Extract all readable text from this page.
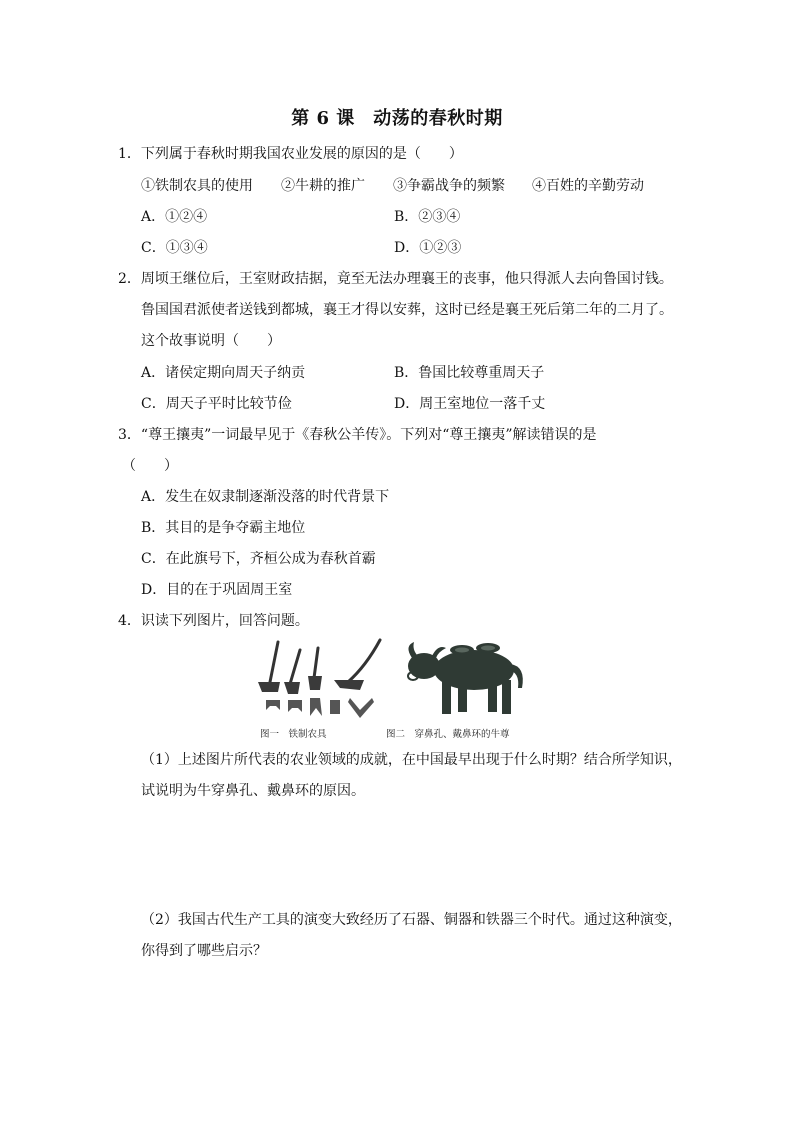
第 6 课　动荡的春秋时期
1．下列属于春秋时期我国农业发展的原因的是（　　）
①铁制农具的使用 ②牛耕的推广 ③争霸战争的频繁 ④百姓的辛勤劳动
A．①②④	B．②③④
C．①③④	D．①②③
2．周顷王继位后，王室财政拮据，竟至无法办理襄王的丧事，他只得派人去向鲁国讨钱。
鲁国国君派使者送钱到都城，襄王才得以安葬，这时已经是襄王死后第二年的二月了。
这个故事说明（　　）
A．诸侯定期向周天子纳贡	B．鲁国比较尊重周天子
C．周天子平时比较节俭	D．周王室地位一落千丈
3．“尊王攘夷”一词最早见于《春秋公羊传》。下列对“尊王攘夷”解读错误的是
（　　）
A．发生在奴隶制逐渐没落的时代背景下
B．其目的是争夺霸主地位
C．在此旗号下，齐桓公成为春秋首霸
D．目的在于巩固周王室
4．识读下列图片，回答问题。
图一　铁制农具	图二　穿鼻孔、戴鼻环的牛尊
（1）上述图片所代表的农业领域的成就，在中国最早出现于什么时期？结合所学知识，
试说明为牛穿鼻孔、戴鼻环的原因。
（2）我国古代生产工具的演变大致经历了石器、铜器和铁器三个时代。通过这种演变，
你得到了哪些启示？
